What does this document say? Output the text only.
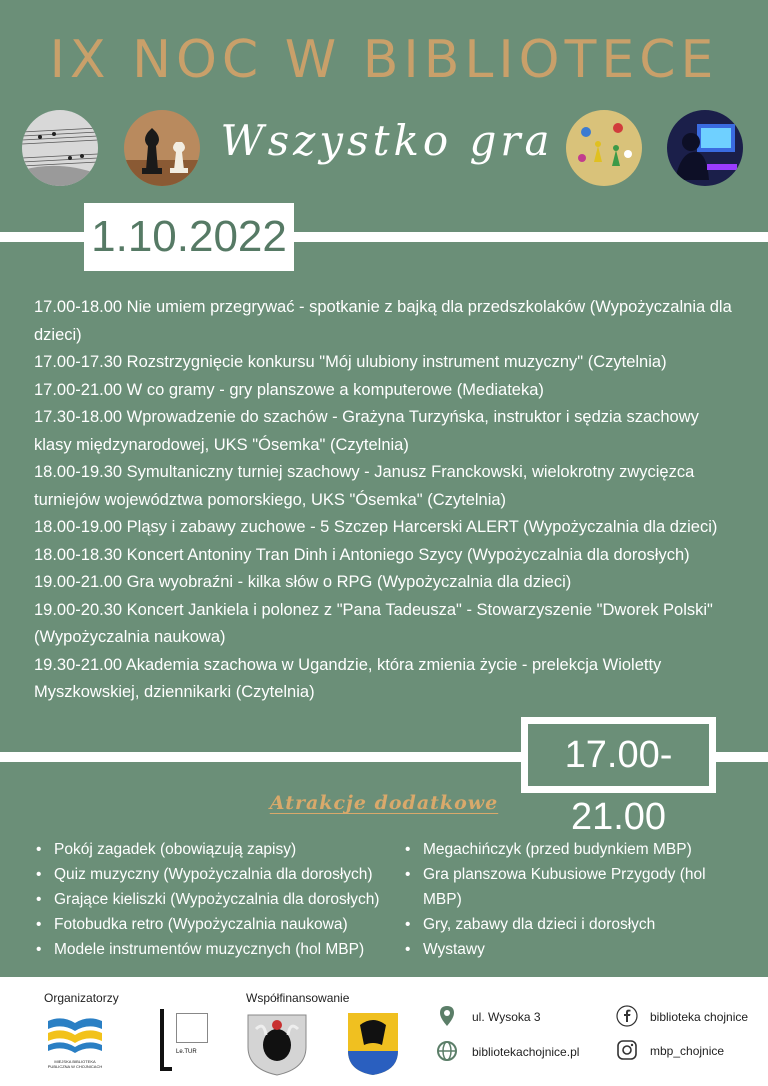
IX NOC W BIBLIOTECE
Wszystko gra
1.10.2022

17.00-18.00 Nie umiem przegrywać - spotkanie z bajką dla przedszkolaków (Wypożyczalnia dla dzieci)

17.00-17.30 Rozstrzygnięcie konkursu "Mój ulubiony instrument muzyczny" (Czytelnia)

17.00-21.00 W co gramy - gry planszowe a komputerowe (Mediateka)

17.30-18.00 Wprowadzenie do szachów - Grażyna Turzyńska, instruktor i sędzia szachowy klasy międzynarodowej, UKS "Ósemka" (Czytelnia)

18.00-19.30 Symultaniczny turniej szachowy - Janusz Franckowski, wielokrotny zwycięzca turniejów województwa pomorskiego, UKS "Ósemka" (Czytelnia)

18.00-19.00 Pląsy i zabawy zuchowe - 5 Szczep Harcerski ALERT (Wypożyczalnia dla dzieci)

18.00-18.30 Koncert Antoniny Tran Dinh i Antoniego Szycy (Wypożyczalnia dla dorosłych)

19.00-21.00 Gra wyobraźni - kilka słów o RPG (Wypożyczalnia dla dzieci)

19.00-20.30 Koncert Jankiela i polonez z "Pana Tadeusza" - Stowarzyszenie "Dworek Polski" (Wypożyczalnia naukowa)

19.30-21.00 Akademia szachowa w Ugandzie, która zmienia życie - prelekcja Wioletty Myszkowskiej, dziennikarki (Czytelnia)

17.00-21.00
Atrakcje dodatkowe
• Pokój zagadek (obowiązują zapisy)
• Quiz muzyczny (Wypożyczalnia dla dorosłych)
• Grające kieliszki (Wypożyczalnia dla dorosłych)
• Fotobudka retro (Wypożyczalnia naukowa)
• Modele instrumentów muzycznych (hol MBP)
• Megachińczyk (przed budynkiem MBP)
• Gra planszowa Kubusiowe Przygody (hol MBP)
• Gry, zabawy dla dzieci i dorosłych
• Wystawy
Organizatorzy	Współfinansowanie
MIEJSKA BIBLIOTEKA PUBLICZNA W CHOJNICACH
Le.TUR
ul. Wysoka 3
bibliotekachojnice.pl
biblioteka chojnice
mbp_chojnice
